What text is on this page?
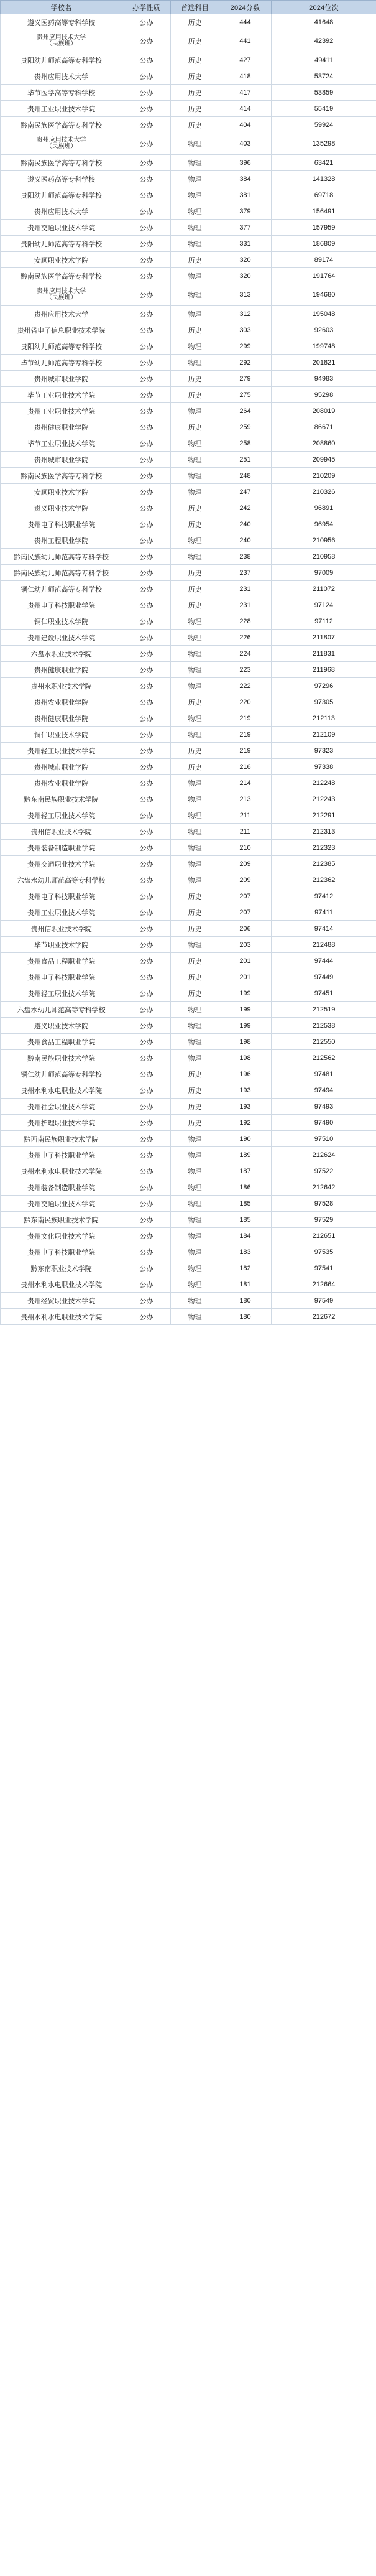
学校名	办学性质	首选科目	2024分数	2024位次
遵义医药高等专科学校	公办	历史	444	41648
贵州应用技术大学
（民族班）	公办	历史	441	42392
贵阳幼儿师范高等专科学校	公办	历史	427	49411
贵州应用技术大学	公办	历史	418	53724
毕节医学高等专科学校	公办	历史	417	53859
贵州工业职业技术学院	公办	历史	414	55419
黔南民族医学高等专科学校	公办	历史	404	59924
贵州应用技术大学
（民族班）	公办	物理	403	135298
黔南民族医学高等专科学校	公办	物理	396	63421
遵义医药高等专科学校	公办	物理	384	141328
贵阳幼儿师范高等专科学校	公办	物理	381	69718
贵州应用技术大学	公办	物理	379	156491
贵州交通职业技术学院	公办	物理	377	157959
贵阳幼儿师范高等专科学校	公办	物理	331	186809
安顺职业技术学院	公办	历史	320	89174
黔南民族医学高等专科学校	公办	物理	320	191764
贵州应用技术大学
（民族班）	公办	物理	313	194680
贵州应用技术大学	公办	物理	312	195048
贵州省电子信息职业技术学院	公办	历史	303	92603
贵阳幼儿师范高等专科学校	公办	物理	299	199748
毕节幼儿师范高等专科学校	公办	物理	292	201821
贵州城市职业学院	公办	历史	279	94983
毕节工业职业技术学院	公办	历史	275	95298
贵州工业职业技术学院	公办	物理	264	208019
贵州健康职业学院	公办	历史	259	86671
毕节工业职业技术学院	公办	物理	258	208860
贵州城市职业学院	公办	物理	251	209945
黔南民族医学高等专科学校	公办	物理	248	210209
安顺职业技术学院	公办	物理	247	210326
遵义职业技术学院	公办	历史	242	96891
贵州电子科技职业学院	公办	历史	240	96954
贵州工程职业学院	公办	物理	240	210956
黔南民族幼儿师范高等专科学校	公办	物理	238	210958
黔南民族幼儿师范高等专科学校	公办	历史	237	97009
铜仁幼儿师范高等专科学校	公办	历史	231	211072
贵州电子科技职业学院	公办	历史	231	97124
铜仁职业技术学院	公办	物理	228	97112
贵州建设职业技术学院	公办	物理	226	211807
六盘水职业技术学院	公办	物理	224	211831
贵州健康职业学院	公办	物理	223	211968
贵州水职业技术学院	公办	物理	222	97296
贵州农业职业学院	公办	历史	220	97305
贵州健康职业学院	公办	物理	219	212113
铜仁职业技术学院	公办	物理	219	212109
贵州轻工职业技术学院	公办	历史	219	97323
贵州城市职业学院	公办	历史	216	97338
贵州农业职业学院	公办	物理	214	212248
黔东南民族职业技术学院	公办	物理	213	212243
贵州轻工职业技术学院	公办	物理	211	212291
贵州信职业技术学院	公办	物理	211	212313
贵州装备制造职业学院	公办	物理	210	212323
贵州交通职业技术学院	公办	物理	209	212385
六盘水幼儿师范高等专科学校	公办	物理	209	212362
贵州电子科技职业学院	公办	历史	207	97412
贵州工业职业技术学院	公办	历史	207	97411
贵州信职业技术学院	公办	历史	206	97414
毕节职业技术学院	公办	物理	203	212488
贵州食品工程职业学院	公办	历史	201	97444
贵州电子科技职业学院	公办	历史	201	97449
贵州轻工职业技术学院	公办	历史	199	97451
六盘水幼儿师范高等专科学校	公办	物理	199	212519
遵义职业技术学院	公办	物理	199	212538
贵州食品工程职业学院	公办	物理	198	212550
黔南民族职业技术学院	公办	物理	198	212562
铜仁幼儿师范高等专科学校	公办	历史	196	97481
贵州水利水电职业技术学院	公办	历史	193	97494
贵州社会职业技术学院	公办	历史	193	97493
贵州护理职业技术学院	公办	历史	192	97490
黔西南民族职业技术学院	公办	物理	190	97510
贵州电子科技职业学院	公办	物理	189	212624
贵州水利水电职业技术学院	公办	物理	187	97522
贵州装备制造职业学院	公办	物理	186	212642
贵州交通职业技术学院	公办	物理	185	97528
黔东南民族职业技术学院	公办	物理	185	97529
贵州文化职业技术学院	公办	物理	184	212651
贵州电子科技职业学院	公办	物理	183	97535
黔东南职业技术学院	公办	物理	182	97541
贵州水利水电职业技术学院	公办	物理	181	212664
贵州经贸职业技术学院	公办	物理	180	97549
贵州水利水电职业技术学院	公办	物理	180	212672
